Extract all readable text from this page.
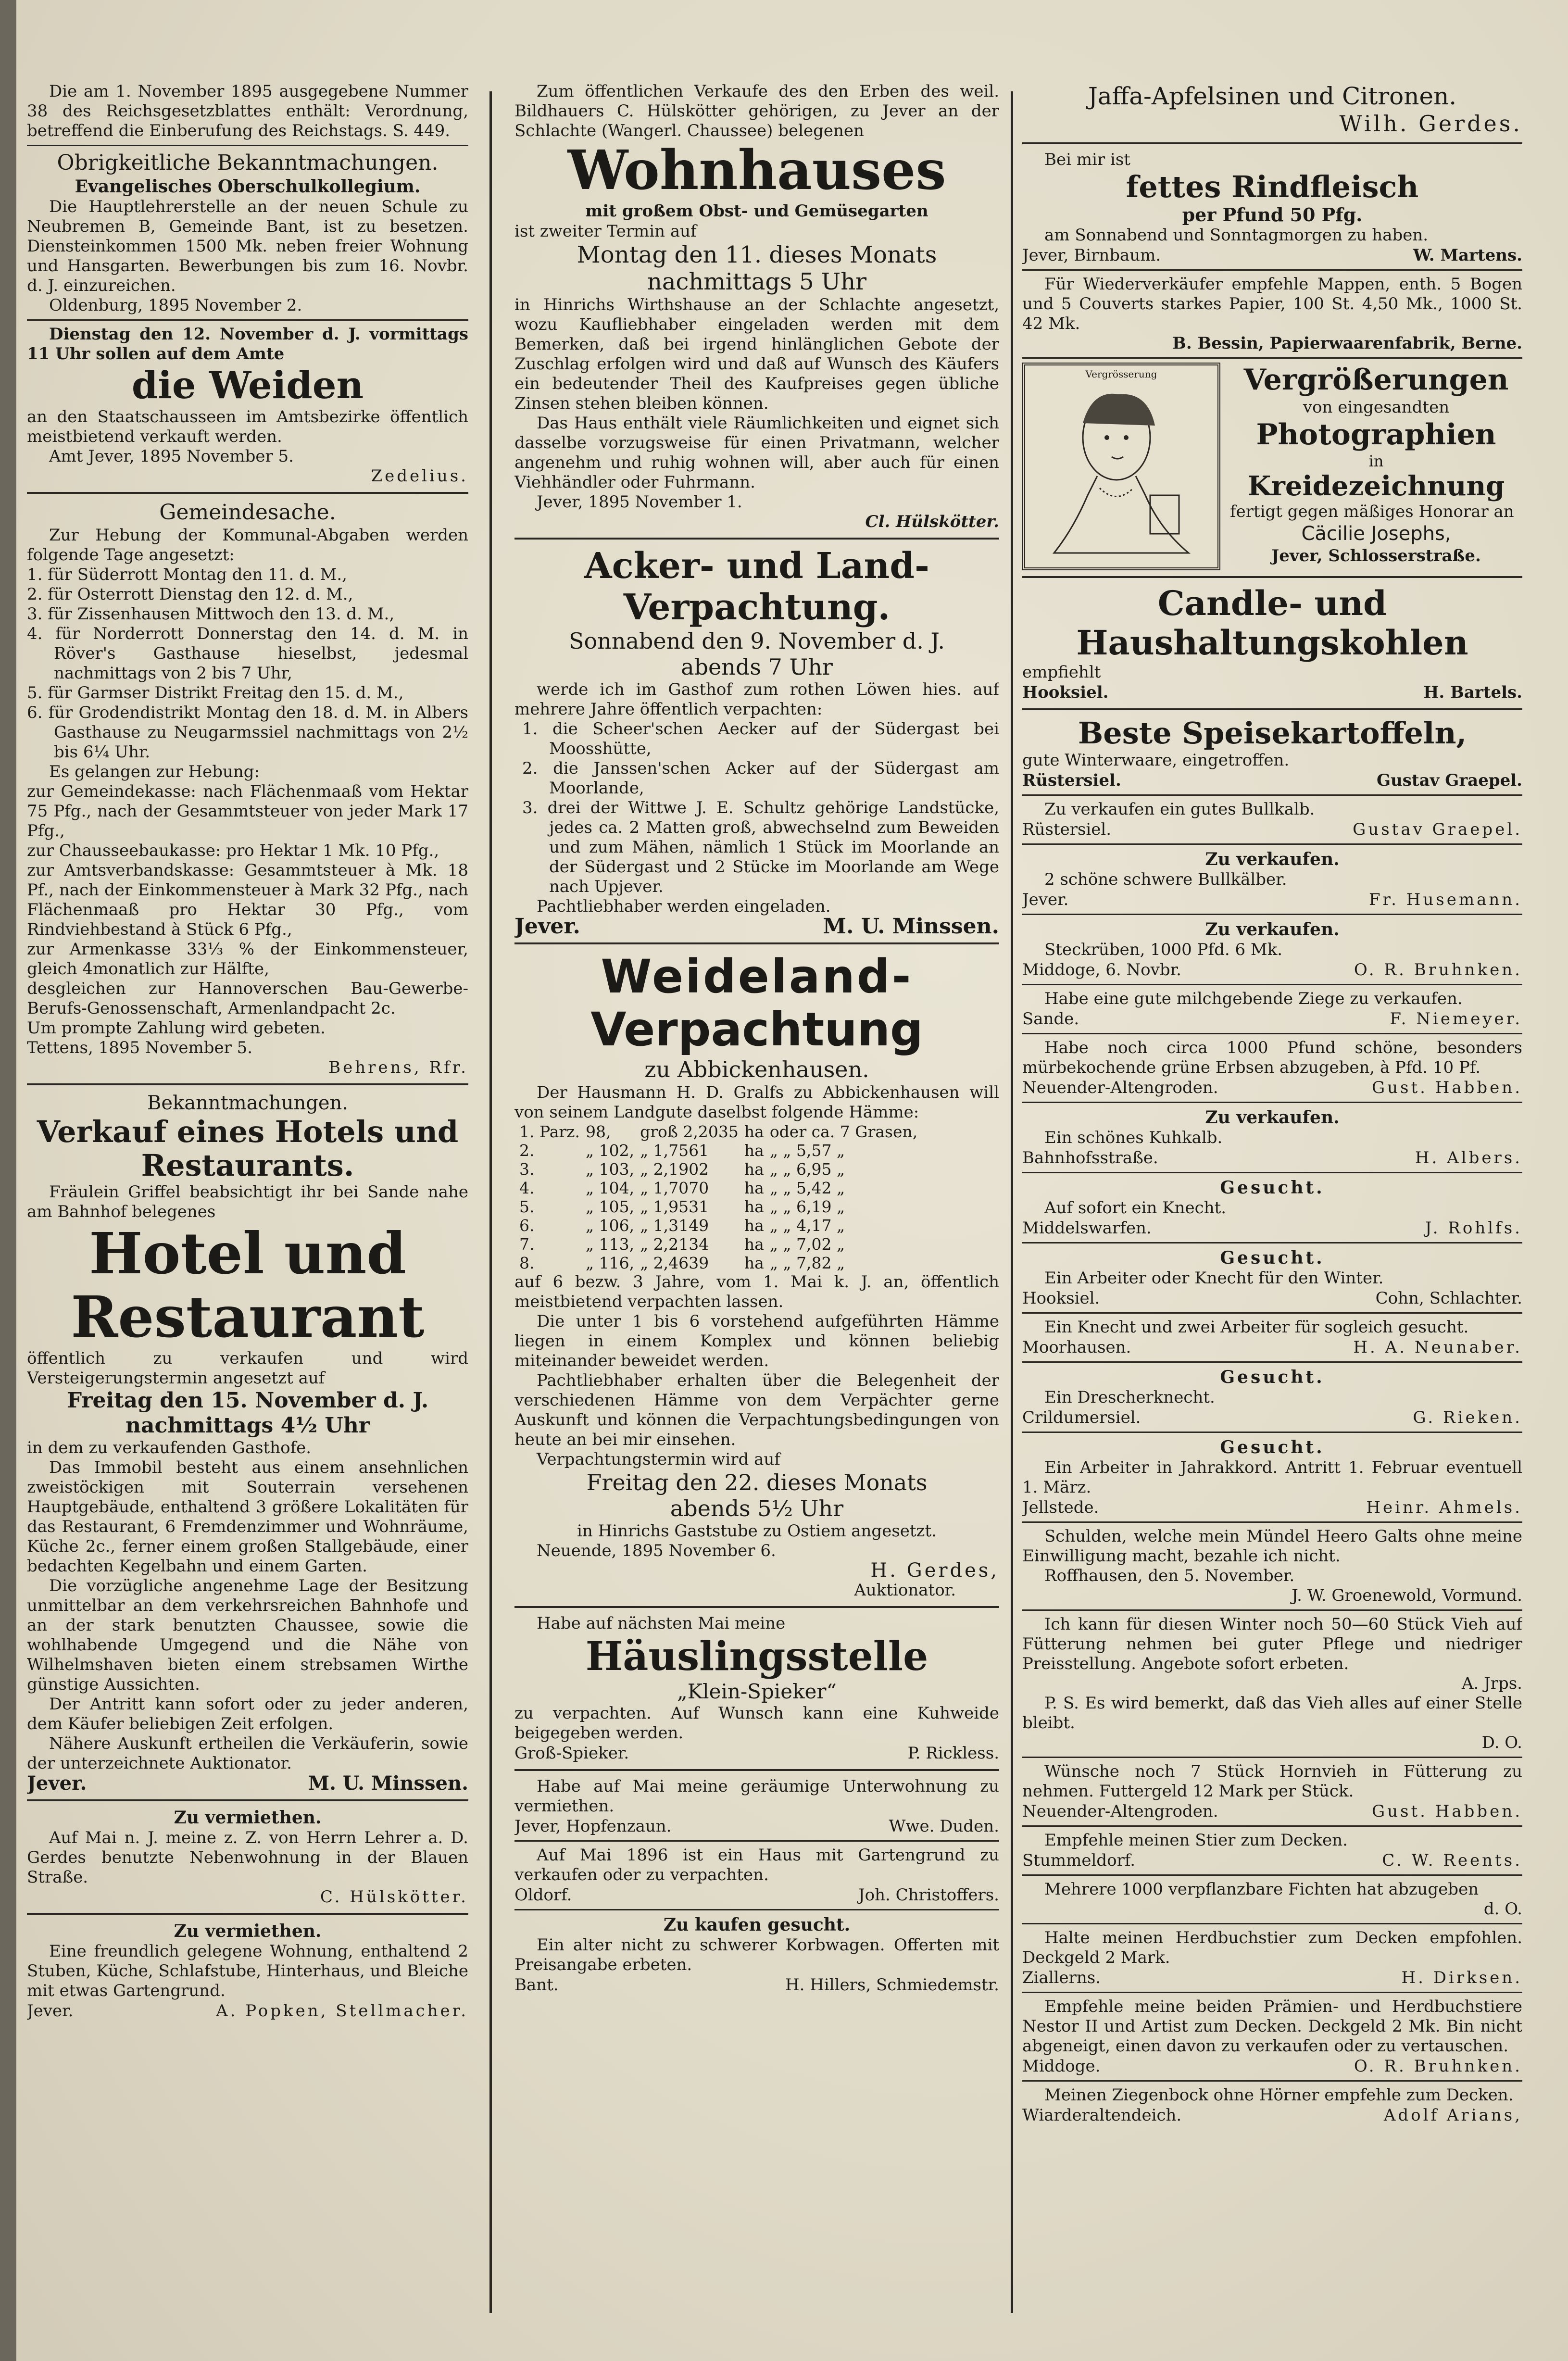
Die am 1. November 1895 ausgegebene Nummer 38 des Reichsgesetzblattes enthält: Verordnung, betreffend die Einberufung des Reichstags. S. 449.

Obrigkeitliche Bekanntmachungen.

Evangelisches Oberschulkollegium.

Die Hauptlehrerstelle an der neuen Schule zu Neubremen B, Gemeinde Bant, ist zu besetzen. Diensteinkommen 1500 Mk. neben freier Wohnung und Hansgarten. Bewerbungen bis zum 16. Novbr. d. J. einzureichen.

Oldenburg, 1895 November 2.

Dienstag den 12. November d. J. vormittags 11 Uhr sollen auf dem Amte

die Weiden

an den Staatschausseen im Amtsbezirke öffentlich meistbietend verkauft werden.

Amt Jever, 1895 November 5.

Zedelius.

Gemeindesache.

Zur Hebung der Kommunal-Abgaben werden folgende Tage angesetzt:

1. für Süderrott Montag den 11. d. M.,

2. für Osterrott Dienstag den 12. d. M.,

3. für Zissenhausen Mittwoch den 13. d. M.,

4. für Norderrott Donnerstag den 14. d. M. in Röver's Gasthause hieselbst, jedesmal nachmittags von 2 bis 7 Uhr,

5. für Garmser Distrikt Freitag den 15. d. M.,

6. für Grodendistrikt Montag den 18. d. M. in Albers Gasthause zu Neugarmssiel nachmittags von 2½ bis 6¼ Uhr.

Es gelangen zur Hebung:

zur Gemeindekasse: nach Flächenmaaß vom Hektar 75 Pfg., nach der Gesammtsteuer von jeder Mark 17 Pfg.,

zur Chausseebaukasse: pro Hektar 1 Mk. 10 Pfg.,

zur Amtsverbandskasse: Gesammtsteuer à Mk. 18 Pf., nach der Einkommensteuer à Mark 32 Pfg., nach Flächenmaaß pro Hektar 30 Pfg., vom Rindviehbestand à Stück 6 Pfg.,

zur Armenkasse 33⅓ % der Einkommensteuer, gleich 4monatlich zur Hälfte,

desgleichen zur Hannoverschen Bau-Gewerbe-Berufs-Genossenschaft, Armenlandpacht 2c.

Um prompte Zahlung wird gebeten.

Tettens, 1895 November 5.

Behrens, Rfr.

Bekanntmachungen.

Verkauf eines Hotels und Restaurants.

Fräulein Griffel beabsichtigt ihr bei Sande nahe am Bahnhof belegenes

Hotel und

Restaurant

öffentlich zu verkaufen und wird Versteigerungstermin angesetzt auf

Freitag den 15. November d. J.

nachmittags 4½ Uhr

in dem zu verkaufenden Gasthofe.

Das Immobil besteht aus einem ansehnlichen zweistöckigen mit Souterrain versehenen Hauptgebäude, enthaltend 3 größere Lokalitäten für das Restaurant, 6 Fremdenzimmer und Wohnräume, Küche 2c., ferner einem großen Stallgebäude, einer bedachten Kegelbahn und einem Garten.

Die vorzügliche angenehme Lage der Besitzung unmittelbar an dem verkehrsreichen Bahnhofe und an der stark benutzten Chaussee, sowie die wohlhabende Umgegend und die Nähe von Wilhelmshaven bieten einem strebsamen Wirthe günstige Aussichten.

Der Antritt kann sofort oder zu jeder anderen, dem Käufer beliebigen Zeit erfolgen.

Nähere Auskunft ertheilen die Verkäuferin, sowie der unterzeichnete Auktionator.

Jever.	M. U. Minssen.

Zu vermiethen.

Auf Mai n. J. meine z. Z. von Herrn Lehrer a. D. Gerdes benutzte Nebenwohnung in der Blauen Straße.

C. Hülskötter.

Zu vermiethen.

Eine freundlich gelegene Wohnung, enthaltend 2 Stuben, Küche, Schlafstube, Hinterhaus, und Bleiche mit etwas Gartengrund.

Jever.	A. Popken, Stellmacher.

Zum öffentlichen Verkaufe des den Erben des weil. Bildhauers C. Hülskötter gehörigen, zu Jever an der Schlachte (Wangerl. Chaussee) belegenen

Wohnhauses

mit großem Obst- und Gemüsegarten

ist zweiter Termin auf

Montag den 11. dieses Monats

nachmittags 5 Uhr

in Hinrichs Wirthshause an der Schlachte angesetzt, wozu Kaufliebhaber eingeladen werden mit dem Bemerken, daß bei irgend hinlänglichen Gebote der Zuschlag erfolgen wird und daß auf Wunsch des Käufers ein bedeutender Theil des Kaufpreises gegen übliche Zinsen stehen bleiben können.

Das Haus enthält viele Räumlichkeiten und eignet sich dasselbe vorzugsweise für einen Privatmann, welcher angenehm und ruhig wohnen will, aber auch für einen Viehhändler oder Fuhrmann.

Jever, 1895 November 1.

Cl. Hülskötter.

Acker- und Land-

Verpachtung.

Sonnabend den 9. November d. J.

abends 7 Uhr

werde ich im Gasthof zum rothen Löwen hies. auf mehrere Jahre öffentlich verpachten:

1. die Scheer'schen Aecker auf der Südergast bei Moosshütte,

2. die Janssen'schen Acker auf der Südergast am Moorlande,

3. drei der Wittwe J. E. Schultz gehörige Landstücke, jedes ca. 2 Matten groß, abwechselnd zum Beweiden und zum Mähen, nämlich 1 Stück im Moorlande an der Südergast und 2 Stücke im Moorlande am Wege nach Upjever.

Pachtliebhaber werden eingeladen.

Jever.	M. U. Minssen.

Weideland-

Verpachtung

zu Abbickenhausen.

Der Hausmann H. D. Gralfs zu Abbickenhausen will von seinem Landgute daselbst folgende Hämme:

1. Parz.	98,	groß 2,2035	ha	oder ca. 7 Grasen,
2.	„ 102,	„ 1,7561	ha	„ „ 5,57 „
3.	„ 103,	„ 2,1902	ha	„ „ 6,95 „
4.	„ 104,	„ 1,7070	ha	„ „ 5,42 „
5.	„ 105,	„ 1,9531	ha	„ „ 6,19 „
6.	„ 106,	„ 1,3149	ha	„ „ 4,17 „
7.	„ 113,	„ 2,2134	ha	„ „ 7,02 „
8.	„ 116,	„ 2,4639	ha	„ „ 7,82 „

auf 6 bezw. 3 Jahre, vom 1. Mai k. J. an, öffentlich meistbietend verpachten lassen.

Die unter 1 bis 6 vorstehend aufgeführten Hämme liegen in einem Komplex und können beliebig miteinander beweidet werden.

Pachtliebhaber erhalten über die Belegenheit der verschiedenen Hämme von dem Verpächter gerne Auskunft und können die Verpachtungsbedingungen von heute an bei mir einsehen.

Verpachtungstermin wird auf

Freitag den 22. dieses Monats

abends 5½ Uhr

in Hinrichs Gaststube zu Ostiem angesetzt.

Neuende, 1895 November 6.

H. Gerdes,

Auktionator.

Habe auf nächsten Mai meine

Häuslingsstelle

„Klein-Spieker“

zu verpachten. Auf Wunsch kann eine Kuhweide beigegeben werden.

Groß-Spieker.	P. Rickless.

Habe auf Mai meine geräumige Unterwohnung zu vermiethen.

Jever, Hopfenzaun.	Wwe. Duden.

Auf Mai 1896 ist ein Haus mit Gartengrund zu verkaufen oder zu verpachten.

Oldorf.	Joh. Christoffers.

Zu kaufen gesucht.

Ein alter nicht zu schwerer Korbwagen. Offerten mit Preisangabe erbeten.

Bant.	H. Hillers, Schmiedemstr.

Jaffa-Apfelsinen und Citronen.

Wilh. Gerdes.

Bei mir ist

fettes Rindfleisch

per Pfund 50 Pfg.

am Sonnabend und Sonntagmorgen zu haben.

Jever, Birnbaum.	W. Martens.

Für Wiederverkäufer empfehle Mappen, enth. 5 Bogen und 5 Couverts starkes Papier, 100 St. 4,50 Mk., 1000 St. 42 Mk.

B. Bessin, Papierwaarenfabrik, Berne.

Vergrösserung	Vergrößerungen

von eingesandten

Photographien

in

Kreidezeichnung

fertigt gegen mäßiges Honorar an

Cäcilie Josephs,

Jever, Schlosserstraße.

Candle- und

Haushaltungskohlen

empfiehlt

Hooksiel.	H. Bartels.

Beste Speisekartoffeln,

gute Winterwaare, eingetroffen.

Rüstersiel.	Gustav Graepel.

Zu verkaufen ein gutes Bullkalb.

Rüstersiel.	Gustav Graepel.

Zu verkaufen.

2 schöne schwere Bullkälber.

Jever.	Fr. Husemann.

Zu verkaufen.

Steckrüben, 1000 Pfd. 6 Mk.

Middoge, 6. Novbr.	O. R. Bruhnken.

Habe eine gute milchgebende Ziege zu verkaufen.

Sande.	F. Niemeyer.

Habe noch circa 1000 Pfund schöne, besonders mürbekochende grüne Erbsen abzugeben, à Pfd. 10 Pf.

Neuender-Altengroden.	Gust. Habben.

Zu verkaufen.

Ein schönes Kuhkalb.

Bahnhofsstraße.	H. Albers.

Gesucht.

Auf sofort ein Knecht.

Middelswarfen.	J. Rohlfs.

Gesucht.

Ein Arbeiter oder Knecht für den Winter.

Hooksiel.	Cohn, Schlachter.

Ein Knecht und zwei Arbeiter für sogleich gesucht.

Moorhausen.	H. A. Neunaber.

Gesucht.

Ein Drescherknecht.

Crildumersiel.	G. Rieken.

Gesucht.

Ein Arbeiter in Jahrakkord. Antritt 1. Februar eventuell 1. März.

Jellstede.	Heinr. Ahmels.

Schulden, welche mein Mündel Heero Galts ohne meine Einwilligung macht, bezahle ich nicht.

Roffhausen, den 5. November.

J. W. Groenewold, Vormund.

Ich kann für diesen Winter noch 50—60 Stück Vieh auf Fütterung nehmen bei guter Pflege und niedriger Preisstellung. Angebote sofort erbeten.

A. Jrps.

P. S. Es wird bemerkt, daß das Vieh alles auf einer Stelle bleibt.

D. O.

Wünsche noch 7 Stück Hornvieh in Fütterung zu nehmen. Futtergeld 12 Mark per Stück.

Neuender-Altengroden.	Gust. Habben.

Empfehle meinen Stier zum Decken.

Stummeldorf.	C. W. Reents.

Mehrere 1000 verpflanzbare Fichten hat abzugeben

d. O.

Halte meinen Herdbuchstier zum Decken empfohlen. Deckgeld 2 Mark.

Ziallerns.	H. Dirksen.

Empfehle meine beiden Prämien- und Herdbuchstiere Nestor II und Artist zum Decken. Deckgeld 2 Mk. Bin nicht abgeneigt, einen davon zu verkaufen oder zu vertauschen.

Middoge.	O. R. Bruhnken.

Meinen Ziegenbock ohne Hörner empfehle zum Decken.

Wiarderaltendeich.	Adolf Arians,
